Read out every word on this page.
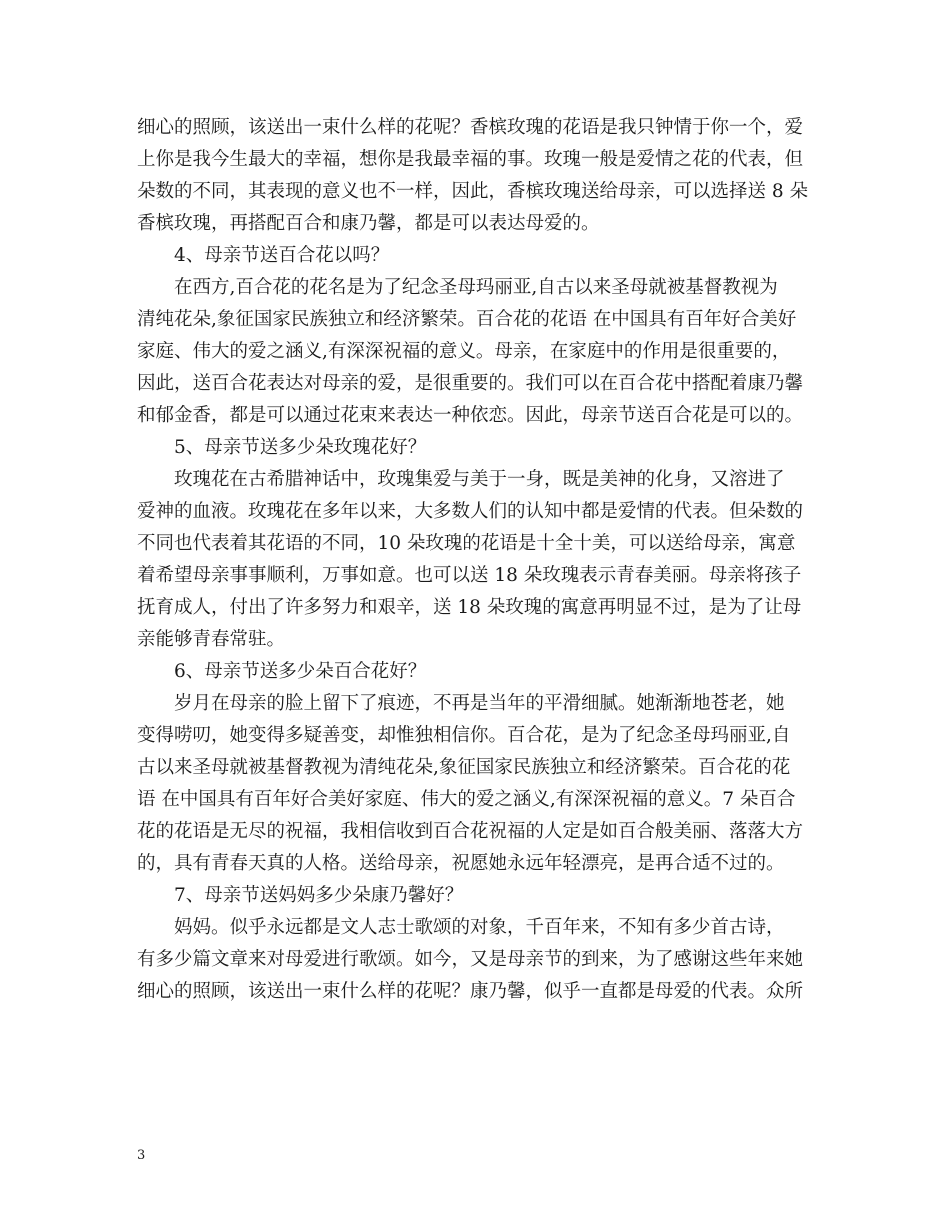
细心的照顾，该送出一束什么样的花呢？香槟玫瑰的花语是我只钟情于你一个，爱
上你是我今生最大的幸福，想你是我最幸福的事。玫瑰一般是爱情之花的代表，但
朵数的不同，其表现的意义也不一样，因此，香槟玫瑰送给母亲，可以选择送 8 朵
香槟玫瑰，再搭配百合和康乃馨，都是可以表达母爱的。
4、母亲节送百合花以吗？
在西方,百合花的花名是为了纪念圣母玛丽亚,自古以来圣母就被基督教视为
清纯花朵,象征国家民族独立和经济繁荣。百合花的花语 在中国具有百年好合美好
家庭、伟大的爱之涵义,有深深祝福的意义。母亲，在家庭中的作用是很重要的，
因此，送百合花表达对母亲的爱，是很重要的。我们可以在百合花中搭配着康乃馨
和郁金香，都是可以通过花束来表达一种依恋。因此，母亲节送百合花是可以的。
5、母亲节送多少朵玫瑰花好？
玫瑰花在古希腊神话中，玫瑰集爱与美于一身，既是美神的化身，又溶进了
爱神的血液。玫瑰花在多年以来，大多数人们的认知中都是爱情的代表。但朵数的
不同也代表着其花语的不同，10 朵玫瑰的花语是十全十美，可以送给母亲，寓意
着希望母亲事事顺利，万事如意。也可以送 18 朵玫瑰表示青春美丽。母亲将孩子
抚育成人，付出了许多努力和艰辛，送 18 朵玫瑰的寓意再明显不过，是为了让母
亲能够青春常驻。
6、母亲节送多少朵百合花好？
岁月在母亲的脸上留下了痕迹，不再是当年的平滑细腻。她渐渐地苍老，她
变得唠叨，她变得多疑善变，却惟独相信你。百合花，是为了纪念圣母玛丽亚,自
古以来圣母就被基督教视为清纯花朵,象征国家民族独立和经济繁荣。百合花的花
语 在中国具有百年好合美好家庭、伟大的爱之涵义,有深深祝福的意义。7 朵百合
花的花语是无尽的祝福，我相信收到百合花祝福的人定是如百合般美丽、落落大方
的，具有青春天真的人格。送给母亲，祝愿她永远年轻漂亮，是再合适不过的。
7、母亲节送妈妈多少朵康乃馨好？
妈妈。似乎永远都是文人志士歌颂的对象，千百年来，不知有多少首古诗，
有多少篇文章来对母爱进行歌颂。如今，又是母亲节的到来，为了感谢这些年来她
细心的照顾，该送出一束什么样的花呢？康乃馨，似乎一直都是母爱的代表。众所
3
